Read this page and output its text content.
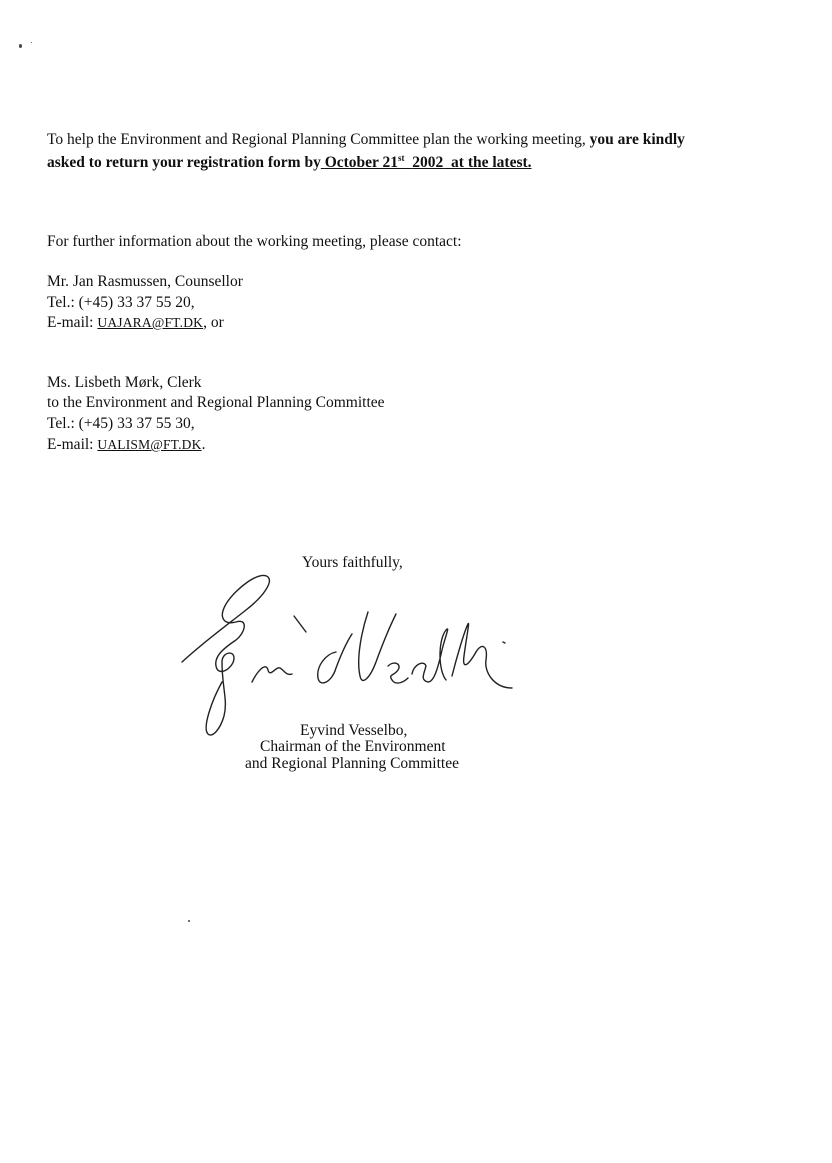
To help the Environment and Regional Planning Committee plan the working meeting, you are kindly asked to return your registration form by October 21st 2002 at the latest.
For further information about the working meeting, please contact:
Mr. Jan Rasmussen, Counsellor
Tel.: (+45) 33 37 55 20,
E-mail: UAJARA@FT.DK, or
Ms. Lisbeth Mørk, Clerk
to the Environment and Regional Planning Committee
Tel.: (+45) 33 37 55 30,
E-mail: UALISM@FT.DK.
Yours faithfully,
Eyvind Vesselbo,
Chairman of the Environment
and Regional Planning Committee
